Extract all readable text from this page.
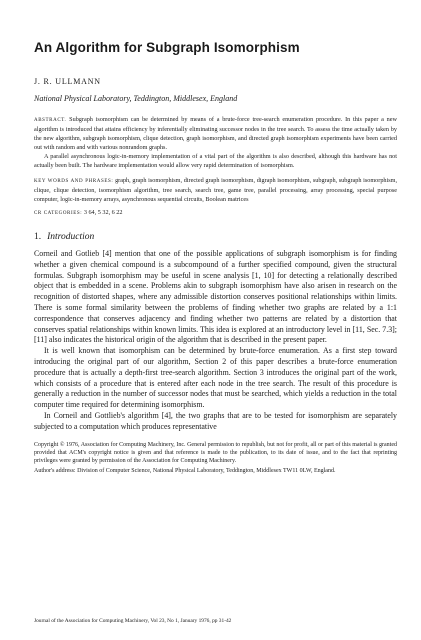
An Algorithm for Subgraph Isomorphism
J. R. ULLMANN
National Physical Laboratory, Teddington, Middlesex, England

ABSTRACT. Subgraph isomorphism can be determined by means of a brute-force tree-search enumeration procedure. In this paper a new algorithm is introduced that attains efficiency by inferentially eliminating successor nodes in the tree search. To assess the time actually taken by the new algorithm, subgraph isomorphism, clique detection, graph isomorphism, and directed graph isomorphism experiments have been carried out with random and with various nonrandom graphs.

A parallel asynchronous logic-in-memory implementation of a vital part of the algorithm is also described, although this hardware has not actually been built. The hardware implementation would allow very rapid determination of isomorphism.

KEY WORDS AND PHRASES: graph, graph isomorphism, directed graph isomorphism, digraph isomorphism, subgraph, subgraph isomorphism, clique, clique detection, isomorphism algorithm, tree search, search tree, game tree, parallel processing, array processing, special purpose computer, logic-in-memory arrays, asynchronous sequential circuits, Boolean matrices
CR CATEGORIES: 3 64, 5 32, 6 22
1. Introduction

Corneil and Gotlieb [4] mention that one of the possible applications of subgraph isomorphism is for finding whether a given chemical compound is a subcompound of a further specified compound, given the structural formulas. Subgraph isomorphism may be useful in scene analysis [1, 10] for detecting a relationally described object that is embedded in a scene. Problems akin to subgraph isomorphism have also arisen in research on the recognition of distorted shapes, where any admissible distortion conserves positional relationships within limits. There is some formal similarity between the problems of finding whether two graphs are related by a 1:1 correspondence that conserves adjacency and finding whether two patterns are related by a distortion that conserves spatial relationships within known limits. This idea is explored at an introductory level in [11, Sec. 7.3]; [11] also indicates the historical origin of the algorithm that is described in the present paper.

It is well known that isomorphism can be determined by brute-force enumeration. As a first step toward introducing the original part of our algorithm, Section 2 of this paper describes a brute-force enumeration procedure that is actually a depth-first tree-search algorithm. Section 3 introduces the original part of the work, which consists of a procedure that is entered after each node in the tree search. The result of this procedure is generally a reduction in the number of successor nodes that must be searched, which yields a reduction in the total computer time required for determining isomorphism.

In Corneil and Gottlieb's algorithm [4], the two graphs that are to be tested for isomorphism are separately subjected to a computation which produces representative

Copyright © 1976, Association for Computing Machinery, Inc. General permission to republish, but not for profit, all or part of this material is granted provided that ACM's copyright notice is given and that reference is made to the publication, to its date of issue, and to the fact that reprinting privileges were granted by permission of the Association for Computing Machinery.

Author's address: Division of Computer Science, National Physical Laboratory, Teddington, Middlesex TW11 0LW, England.

Journal of the Association for Computing Machinery, Vol 23, No 1, January 1976, pp 31-42
